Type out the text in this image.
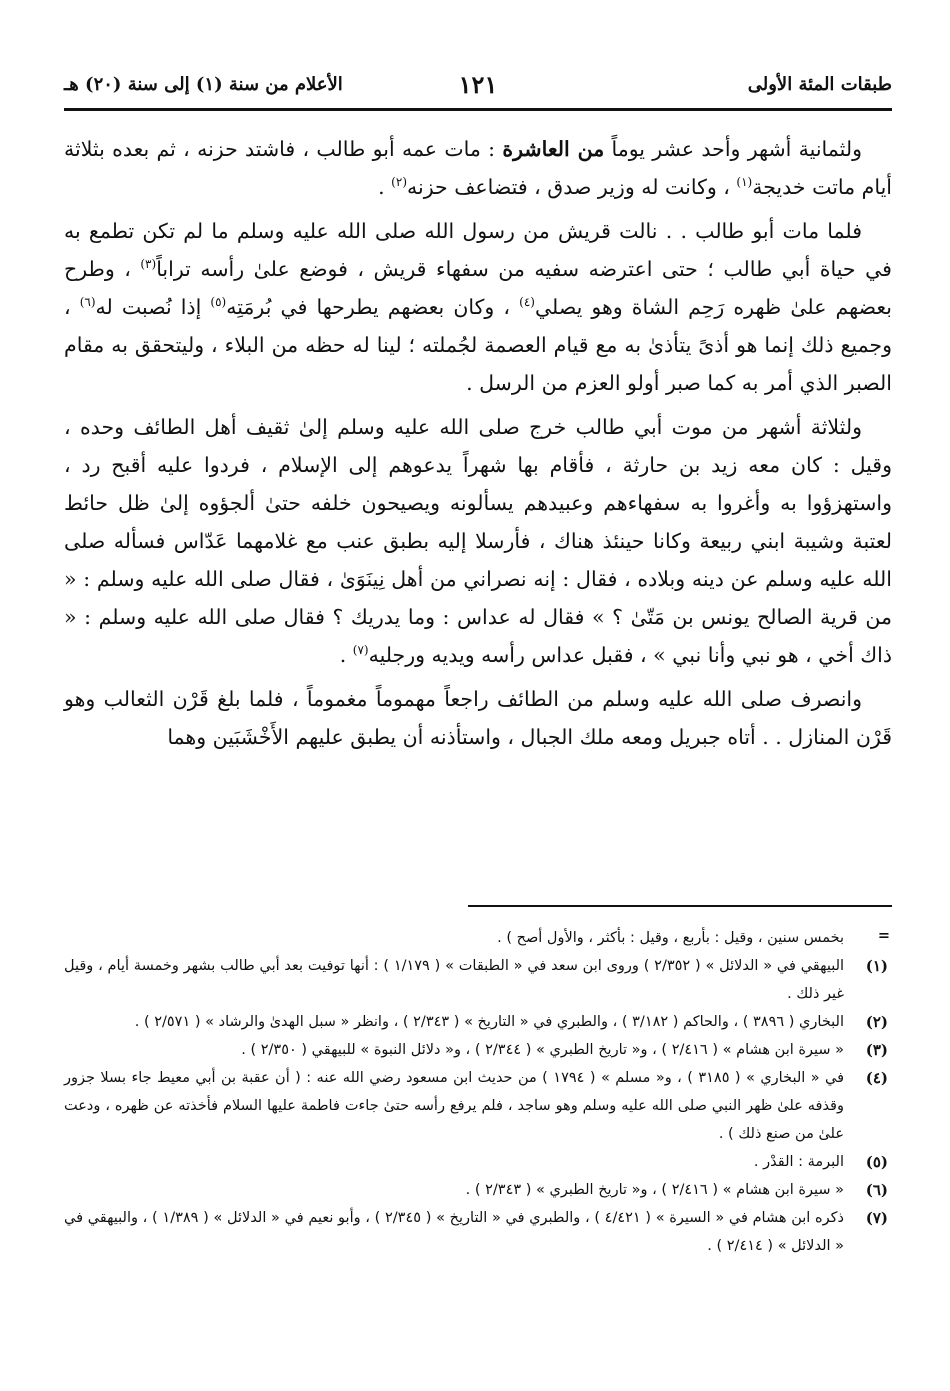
طبقات المئة الأولى
١٢١
الأعلام من سنة (١) إلى سنة (٢٠) هـ

ولثمانية أشهر وأحد عشر يوماً من العاشرة : مات عمه أبو طالب ، فاشتد حزنه ، ثم بعده بثلاثة أيام ماتت خديجة$^{(١)}$ ، وكانت له وزير صدق ، فتضاعف حزنه$^{(٢)}$ .

فلما مات أبو طالب . . نالت قريش من رسول الله صلى الله عليه وسلم ما لم تكن تطمع به في حياة أبي طالب ؛ حتى اعترضه سفيه من سفهاء قريش ، فوضع علىٰ رأسه تراباً$^{(٣)}$ ، وطرح بعضهم علىٰ ظهره رَحِم الشاة وهو يصلي$^{(٤)}$ ، وكان بعضهم يطرحها في بُرمَتِه$^{(٥)}$ إذا نُصبت له$^{(٦)}$ ، وجميع ذلك إنما هو أذىً يتأذىٰ به مع قيام العصمة لجُملته ؛ لينا له حظه من البلاء ، وليتحقق به مقام الصبر الذي أمر به كما صبر أولو العزم من الرسل .

ولثلاثة أشهر من موت أبي طالب خرج صلى الله عليه وسلم إلىٰ ثقيف أهل الطائف وحده ، وقيل : كان معه زيد بن حارثة ، فأقام بها شهراً يدعوهم إلى الإسلام ، فردوا عليه أقبح رد ، واستهزؤوا به وأغروا به سفهاءهم وعبيدهم يسألونه ويصيحون خلفه حتىٰ ألجؤوه إلىٰ ظل حائط لعتبة وشيبة ابني ربيعة وكانا حينئذ هناك ، فأرسلا إليه بطبق عنب مع غلامهما عَدّاس فسأله صلى الله عليه وسلم عن دينه وبلاده ، فقال : إنه نصراني من أهل نِينَوَىٰ ، فقال صلى الله عليه وسلم : « من قرية الصالح يونس بن مَتّىٰ ؟ » فقال له عداس : وما يدريك ؟ فقال صلى الله عليه وسلم : « ذاك أخي ، هو نبي وأنا نبي » ، فقبل عداس رأسه ويديه ورجليه$^{(٧)}$ .

وانصرف صلى الله عليه وسلم من الطائف راجعاً مهموماً مغموماً ، فلما بلغ قَرْن الثعالب وهو قَرْن المنازل . . أتاه جبريل ومعه ملك الجبال ، واستأذنه أن يطبق عليهم الأَخْشَبَين وهما

=
بخمس سنين ، وقيل : بأربع ، وقيل : بأكثر ، والأول أصح ) .
(١)
البيهقي في « الدلائل » ( ٢/٣٥٢ ) وروى ابن سعد في « الطبقات » ( ١/١٧٩ ) : أنها توفيت بعد أبي طالب بشهر وخمسة أيام ، وقيل غير ذلك .
(٢)
البخاري ( ٣٨٩٦ ) ، والحاكم ( ٣/١٨٢ ) ، والطبري في « التاريخ » ( ٢/٣٤٣ ) ، وانظر « سبل الهدىٰ والرشاد » ( ٢/٥٧١ ) .
(٣)
« سيرة ابن هشام » ( ٢/٤١٦ ) ، و« تاريخ الطبري » ( ٢/٣٤٤ ) ، و« دلائل النبوة » للبيهقي ( ٢/٣٥٠ ) .
(٤)
في « البخاري » ( ٣١٨٥ ) ، و« مسلم » ( ١٧٩٤ ) من حديث ابن مسعود رضي الله عنه : ( أن عقبة بن أبي معيط جاء بسلا جزور وقذفه علىٰ ظهر النبي صلى الله عليه وسلم وهو ساجد ، فلم يرفع رأسه حتىٰ جاءت فاطمة عليها السلام فأخذته عن ظهره ، ودعت علىٰ من صنع ذلك ) .
(٥)
البرمة : القدْر .
(٦)
« سيرة ابن هشام » ( ٢/٤١٦ ) ، و« تاريخ الطبري » ( ٢/٣٤٣ ) .
(٧)
ذكره ابن هشام في « السيرة » ( ٤/٤٢١ ) ، والطبري في « التاريخ » ( ٢/٣٤٥ ) ، وأبو نعيم في « الدلائل » ( ١/٣٨٩ ) ، والبيهقي في « الدلائل » ( ٢/٤١٤ ) .
